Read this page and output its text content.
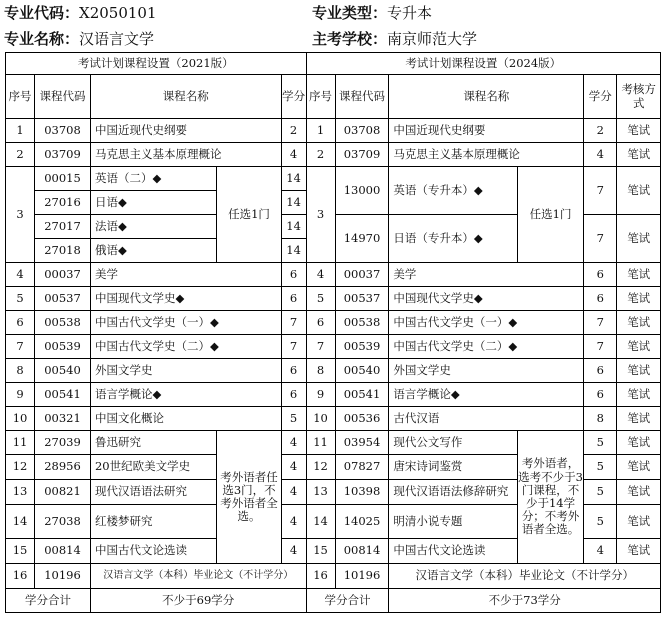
专业代码：X2050101	专业类型：专升本
专业名称：汉语言文学	主考学校：南京师范大学
考试计划课程设置（2021版）					考试计划课程设置（2024版）					
序号	课程代码	课程名称		学分	序号	课程代码	课程名称		学分	考核方式
1	03708	中国近现代史纲要		2	1	03708	中国近现代史纲要		2	笔试
2	03709	马克思主义基本原理概论		4	2	03709	马克思主义基本原理概论		4	笔试
3	00015	英语（二）◆	任选1门	14	3	13000	英语（专升本）◆	任选1门	7	笔试
	27016	日语◆		14						
	27017	法语◆		14		14970	日语（专升本）◆		7	笔试
	27018	俄语◆		14						
4	00037	美学		6	4	00037	美学		6	笔试
5	00537	中国现代文学史◆		6	5	00537	中国现代文学史◆		6	笔试
6	00538	中国古代文学史（一）◆		7	6	00538	中国古代文学史（一）◆		7	笔试
7	00539	中国古代文学史（二）◆		7	7	00539	中国古代文学史（二）◆		7	笔试
8	00540	外国文学史		6	8	00540	外国文学史		6	笔试
9	00541	语言学概论◆		6	9	00541	语言学概论◆		6	笔试
10	00321	中国文化概论		5	10	00536	古代汉语		8	笔试
11	27039	鲁迅研究	考外语者任选3门，不考外语者全选。	4	11	03954	现代公文写作	考外语者，选考不少于3门课程，不少于14学分；不考外语者全选。	5	笔试
12	28956	20世纪欧美文学史		4	12	07827	唐宋诗词鉴赏		5	笔试
13	00821	现代汉语语法研究		4	13	10398	现代汉语语法修辞研究		5	笔试
14	27038	红楼梦研究		4	14	14025	明清小说专题		5	笔试
15	00814	中国古代文论选读		4	15	00814	中国古代文论选读		4	笔试
16	10196	汉语言文学（本科）毕业论文（不计学分）			16	10196	汉语言文学（本科）毕业论文（不计学分）			
学分合计		不少于69学分			学分合计		不少于73学分			
